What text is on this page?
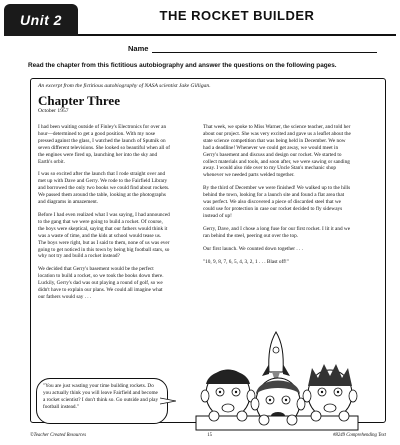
Unit 2	THE ROCKET BUILDER
Name
Read the chapter from this fictitious autobiography and answer the questions on the following pages.
An excerpt from the fictitious autobiography of NASA scientist Jake Gilligan.
Chapter Three
October 1957

I had been waiting outside of Finley's Electronics for over an hour—determined to get a good position. With my nose pressed against the glass, I watched the launch of Sputnik on seven different televisions. She looked so beautiful when all of the engines were fired up, launching her into the sky and Earth's orbit.

I was so excited after the launch that I rode straight over and met up with Dave and Gerry. We rode to the Fairfield Library and borrowed the only two books we could find about rockets. We passed them around the table, looking at the photographs and diagrams in amazement.

Before I had even realized what I was saying, I had announced to the gang that we were going to build a rocket. Of course, the boys were skeptical, saying that our fathers would think it was a waste of time, and the kids at school would tease us. The boys were right, but as I said to them, none of us was ever going to get noticed in this town by being big football stars, so why not try and build a rocket instead?

We decided that Gerry's basement would be the perfect location to build a rocket, so we took the books down there. Luckily, Gerry's dad was out playing a round of golf, so we didn't have to explain our plans. We could all imagine what our fathers would say . . .

"You are just wasting your time building rockets. Do you actually think you will leave Fairfield and become a rocket scientist? I don't think so. Go outside and play football instead."

That week, we spoke to Miss Warner, the science teacher, and told her about our project. She was very excited and gave us a leaflet about the state science competition that was being held in December. We now had a deadline! Whenever we could get away, we would meet in Gerry's basement and discuss and design our rocket. We started to collect materials and tools, and soon after, we were sawing or sanding away. I would also ride over to my Uncle Stan's mechanic shop whenever we needed parts welded together.

By the third of December we were finished! We walked up to the hills behind the town, looking for a launch site and found a flat area that was perfect. We also discovered a piece of discarded steel that we could use for protection in case our rocket decided to fly sideways instead of up!

Gerry, Dave, and I chose a long fuse for our first rocket. I lit it and we ran behind the steel, peering out over the top.

Our first launch. We counted down together . . .

"10, 9, 8, 7, 6, 5, 4, 3, 2, 1 . . . Blast off!"

©Teacher Created Resources	15	#8249 Comprehending Text
